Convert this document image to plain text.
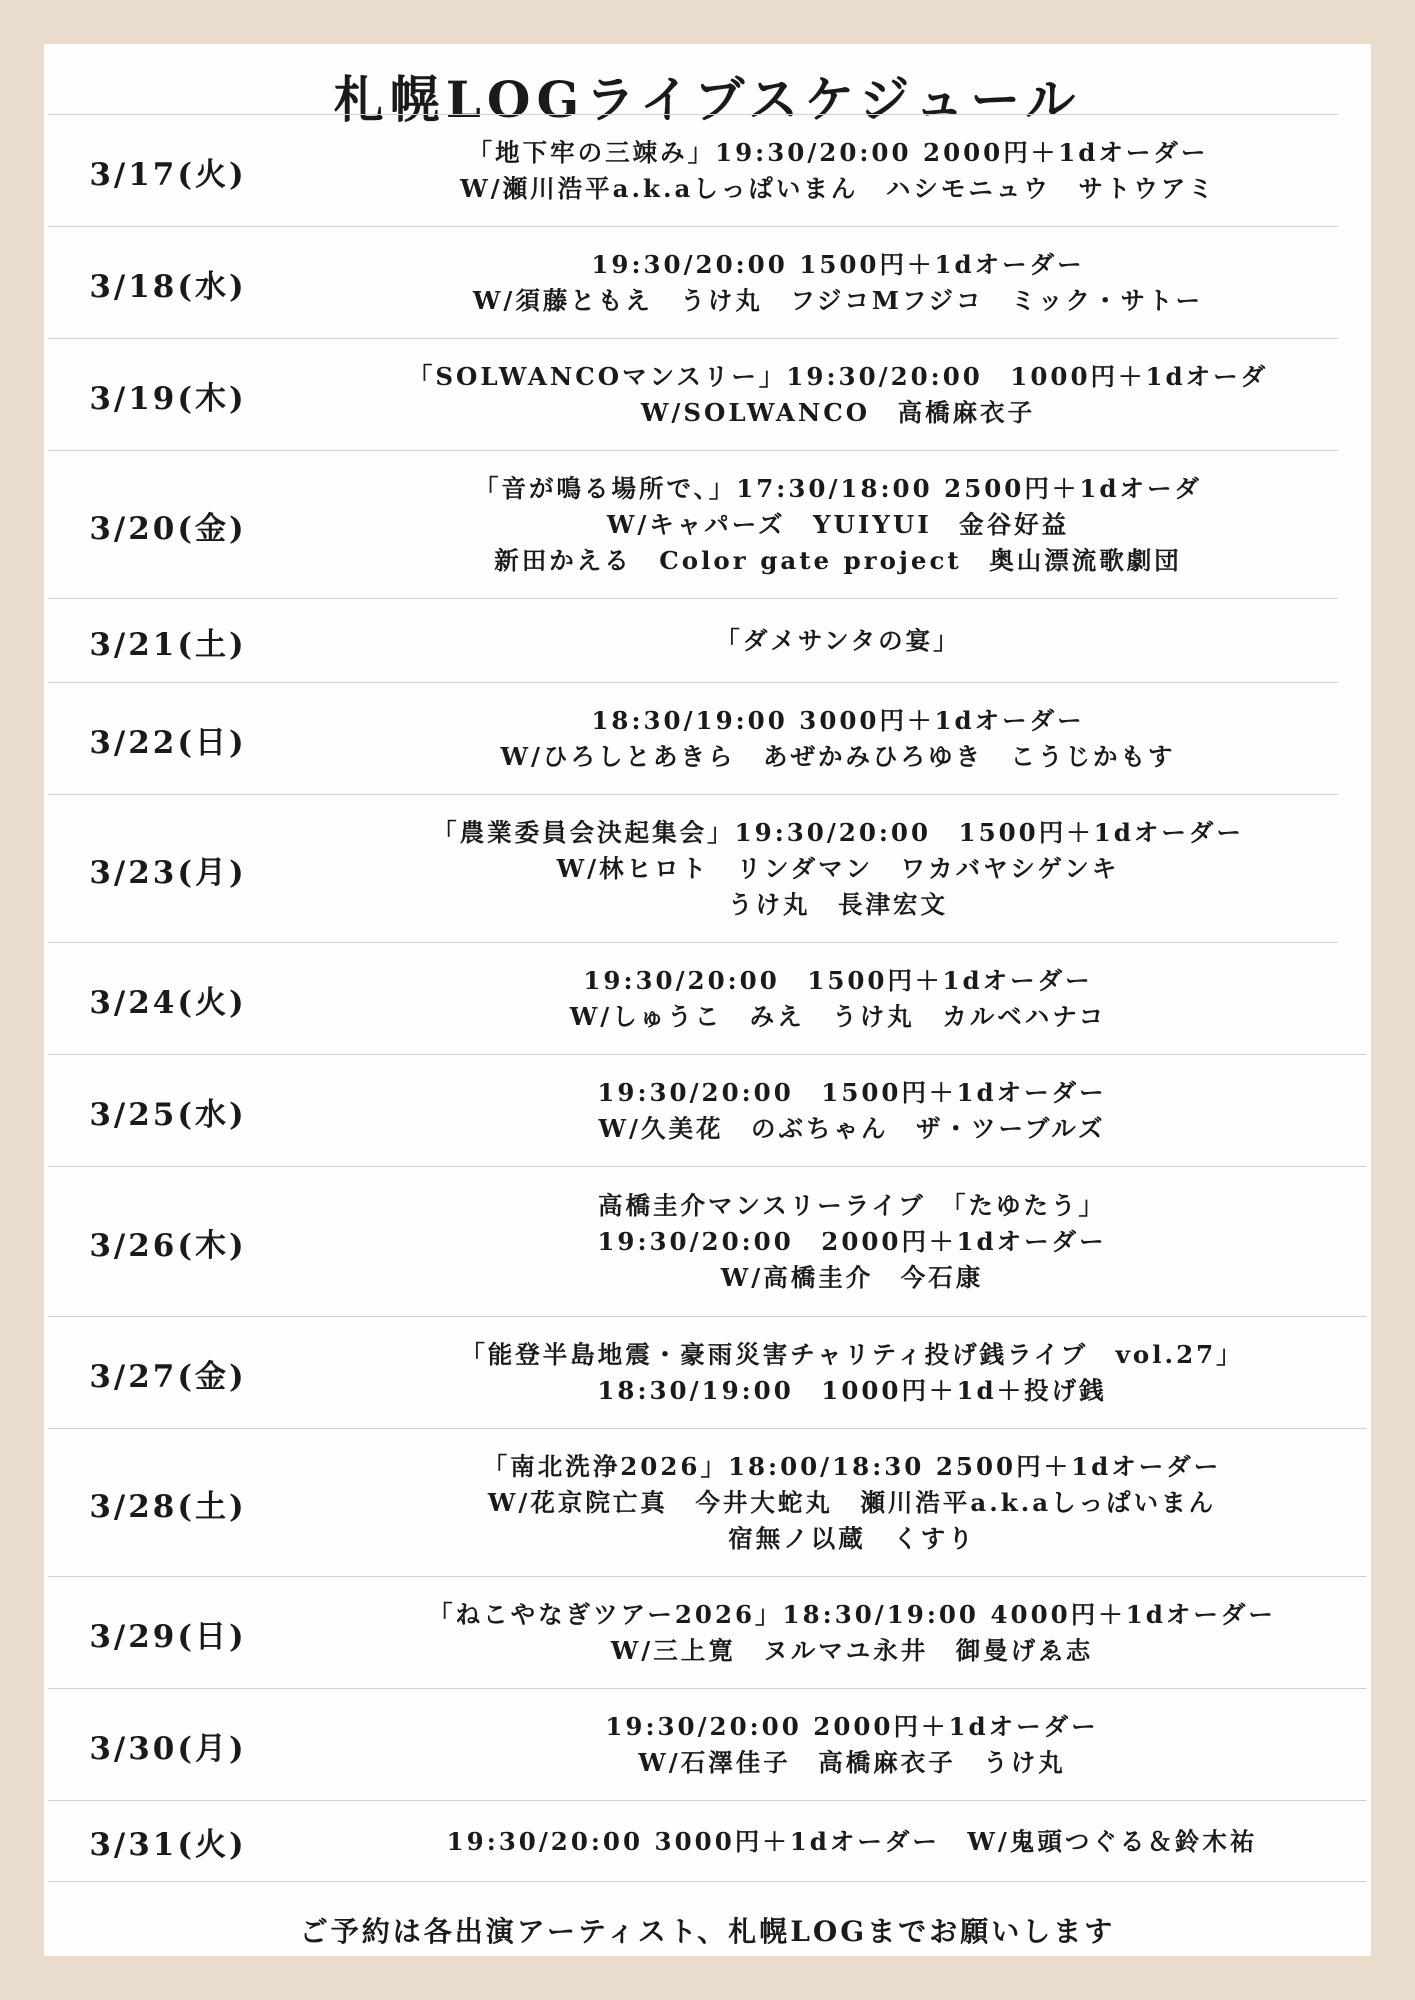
札幌LOGライブスケジュール
3/17(火)
「地下牢の三竦み」19:30/20:00 2000円＋1dオーダー
W/瀬川浩平a.k.aしっぱいまん　ハシモニュウ　サトウアミ
3/18(水)
19:30/20:00 1500円＋1dオーダー
W/須藤ともえ　うけ丸　フジコMフジコ　ミック・サトー
3/19(木)
「SOLWANCOマンスリー」19:30/20:00　1000円＋1dオーダ
W/SOLWANCO　高橋麻衣子
3/20(金)
「音が鳴る場所で、」17:30/18:00 2500円＋1dオーダ
W/キャパーズ　YUIYUI　金谷好益
新田かえる　Color gate project　奥山漂流歌劇団
3/21(土)	「ダメサンタの宴」
3/22(日)
18:30/19:00 3000円＋1dオーダー
W/ひろしとあきら　あぜかみひろゆき　こうじかもす
3/23(月)
「農業委員会決起集会」19:30/20:00　1500円＋1dオーダー
W/林ヒロト　リンダマン　ワカバヤシゲンキ
うけ丸　長津宏文
3/24(火)
19:30/20:00　1500円＋1dオーダー
W/しゅうこ　みえ　うけ丸　カルベハナコ
3/25(水)
19:30/20:00　1500円＋1dオーダー
W/久美花　のぶちゃん　ザ・ツーブルズ
3/26(木)
高橋圭介マンスリーライブ　「たゆたう」
19:30/20:00　2000円＋1dオーダー
W/高橋圭介　今石康
3/27(金)
「能登半島地震・豪雨災害チャリティ投げ銭ライブ　vol.27」
18:30/19:00　1000円＋1d＋投げ銭
3/28(土)
「南北洗浄2026」18:00/18:30 2500円＋1dオーダー
W/花京院亡真　今井大蛇丸　瀬川浩平a.k.aしっぱいまん
宿無ノ以蔵　くすり
3/29(日)
「ねこやなぎツアー2026」18:30/19:00 4000円＋1dオーダー
W/三上寛　ヌルマユ永井　御曼げゑ志
3/30(月)
19:30/20:00 2000円＋1dオーダー
W/石澤佳子　高橋麻衣子　うけ丸
3/31(火)	19:30/20:00 3000円＋1dオーダー　W/鬼頭つぐる＆鈴木祐
ご予約は各出演アーティスト、札幌LOGまでお願いします
